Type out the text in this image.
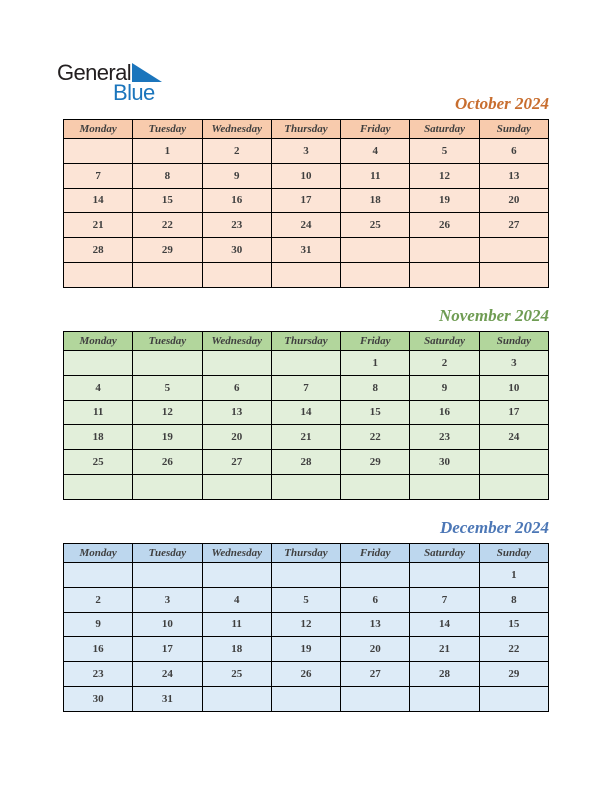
General
Blue	October 2024
Monday	Tuesday	Wednesday	Thursday	Friday	Saturday	Sunday
	1	2	3	4	5	6
7	8	9	10	11	12	13
14	15	16	17	18	19	20
21	22	23	24	25	26	27
28	29	30	31			

November 2024
Monday	Tuesday	Wednesday	Thursday	Friday	Saturday	Sunday
				1	2	3
4	5	6	7	8	9	10
11	12	13	14	15	16	17
18	19	20	21	22	23	24
25	26	27	28	29	30	

December 2024
Monday	Tuesday	Wednesday	Thursday	Friday	Saturday	Sunday
						1
2	3	4	5	6	7	8
9	10	11	12	13	14	15
16	17	18	19	20	21	22
23	24	25	26	27	28	29
30	31					
